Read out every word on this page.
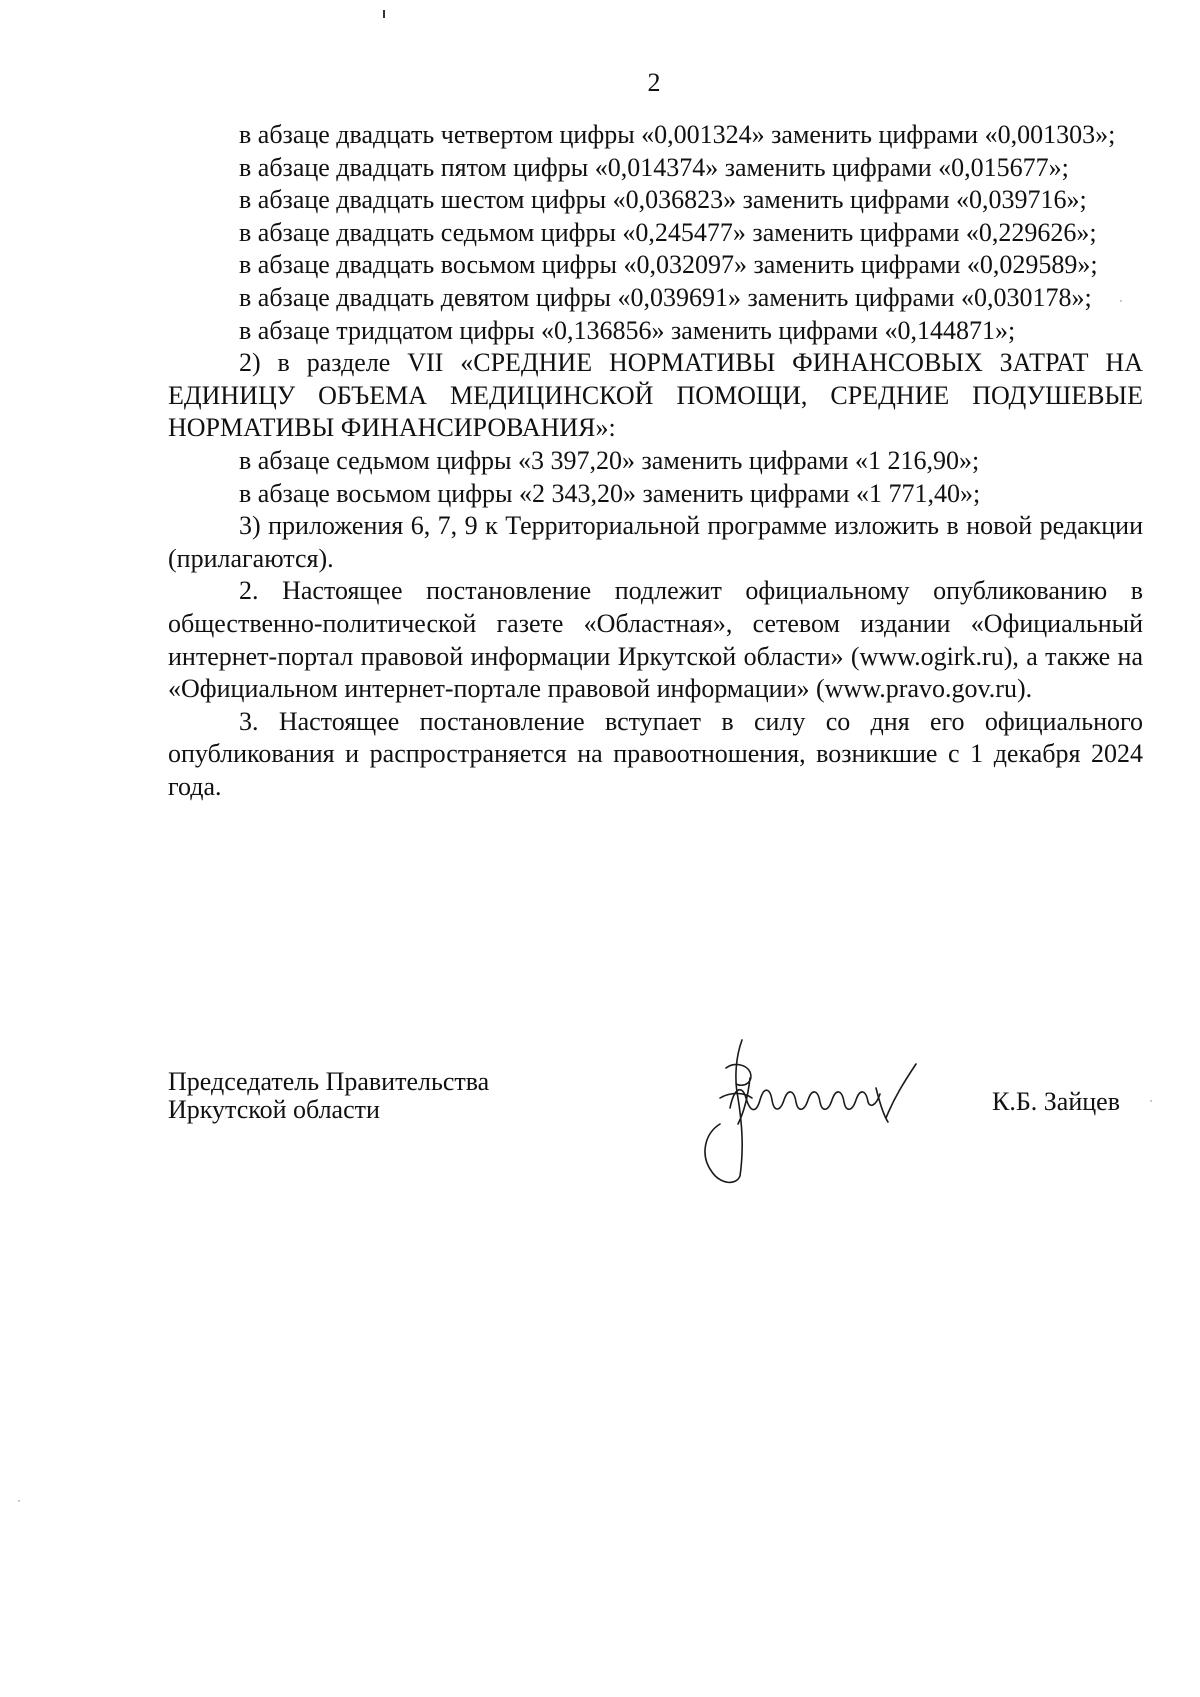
2

в абзаце двадцать четвертом цифры «0,001324» заменить цифрами «0,001303»;

в абзаце двадцать пятом цифры «0,014374» заменить цифрами «0,015677»;

в абзаце двадцать шестом цифры «0,036823» заменить цифрами «0,039716»;

в абзаце двадцать седьмом цифры «0,245477» заменить цифрами «0,229626»;

в абзаце двадцать восьмом цифры «0,032097» заменить цифрами «0,029589»;

в абзаце двадцать девятом цифры «0,039691» заменить цифрами «0,030178»;

в абзаце тридцатом цифры «0,136856» заменить цифрами «0,144871»;

2) в разделе VII «СРЕДНИЕ НОРМАТИВЫ ФИНАНСОВЫХ ЗАТРАТ НА ЕДИНИЦУ ОБЪЕМА МЕДИЦИНСКОЙ ПОМОЩИ, СРЕДНИЕ ПОДУШЕВЫЕ НОРМАТИВЫ ФИНАНСИРОВАНИЯ»:

в абзаце седьмом цифры «3 397,20» заменить цифрами «1 216,90»;

в абзаце восьмом цифры «2 343,20» заменить цифрами «1 771,40»;

3) приложения 6, 7, 9 к Территориальной программе изложить в новой редакции (прилагаются).

2. Настоящее постановление подлежит официальному опубликованию в общественно-политической газете «Областная», сетевом издании «Официальный интернет-портал правовой информации Иркутской области» (www.ogirk.ru), а также на «Официальном интернет-портале правовой информации» (www.pravo.gov.ru).

3. Настоящее постановление вступает в силу со дня его официального опубликования и распространяется на правоотношения, возникшие с 1 декабря 2024 года.

Председатель Правительства
Иркутской области	К.Б. Зайцев
